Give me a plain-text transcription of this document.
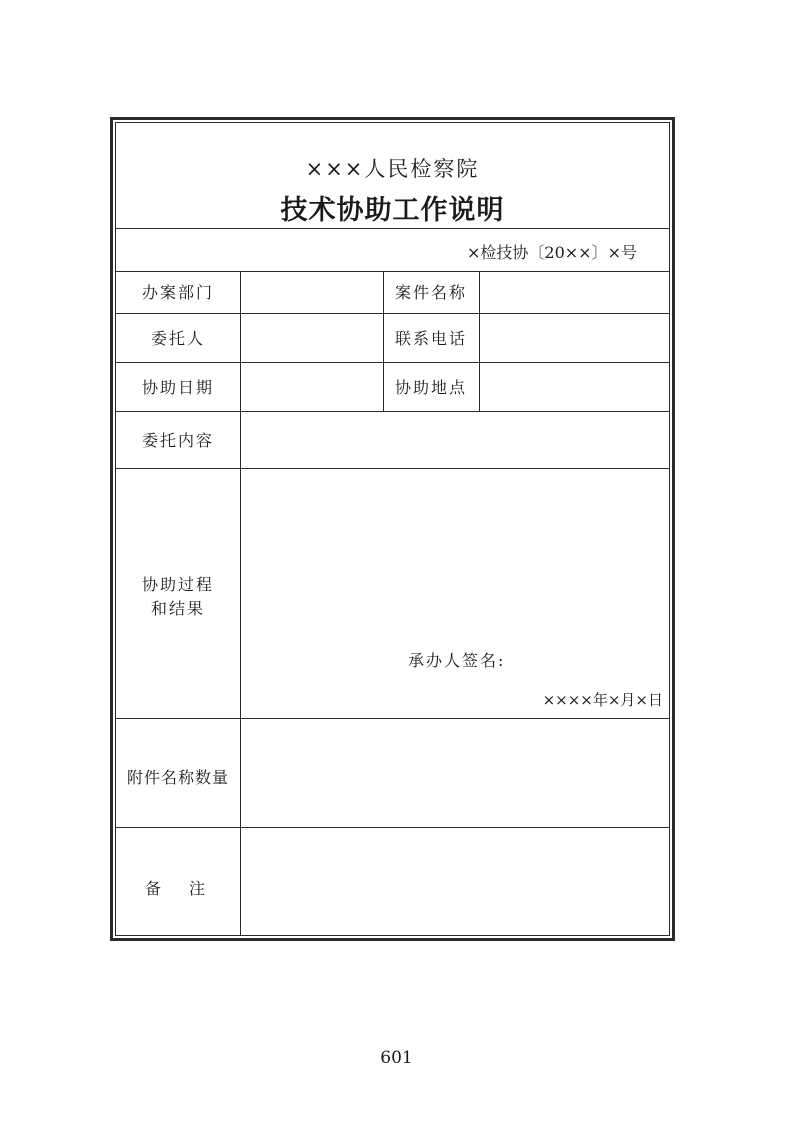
×××人民检察院
技术协助工作说明
×检技协〔20××〕×号
办案部门	案件名称
委托人	联系电话
协助日期	协助地点
委托内容
协助过程
和结果
承办人签名:
××××年×月×日
附件名称数量
备　注
601
